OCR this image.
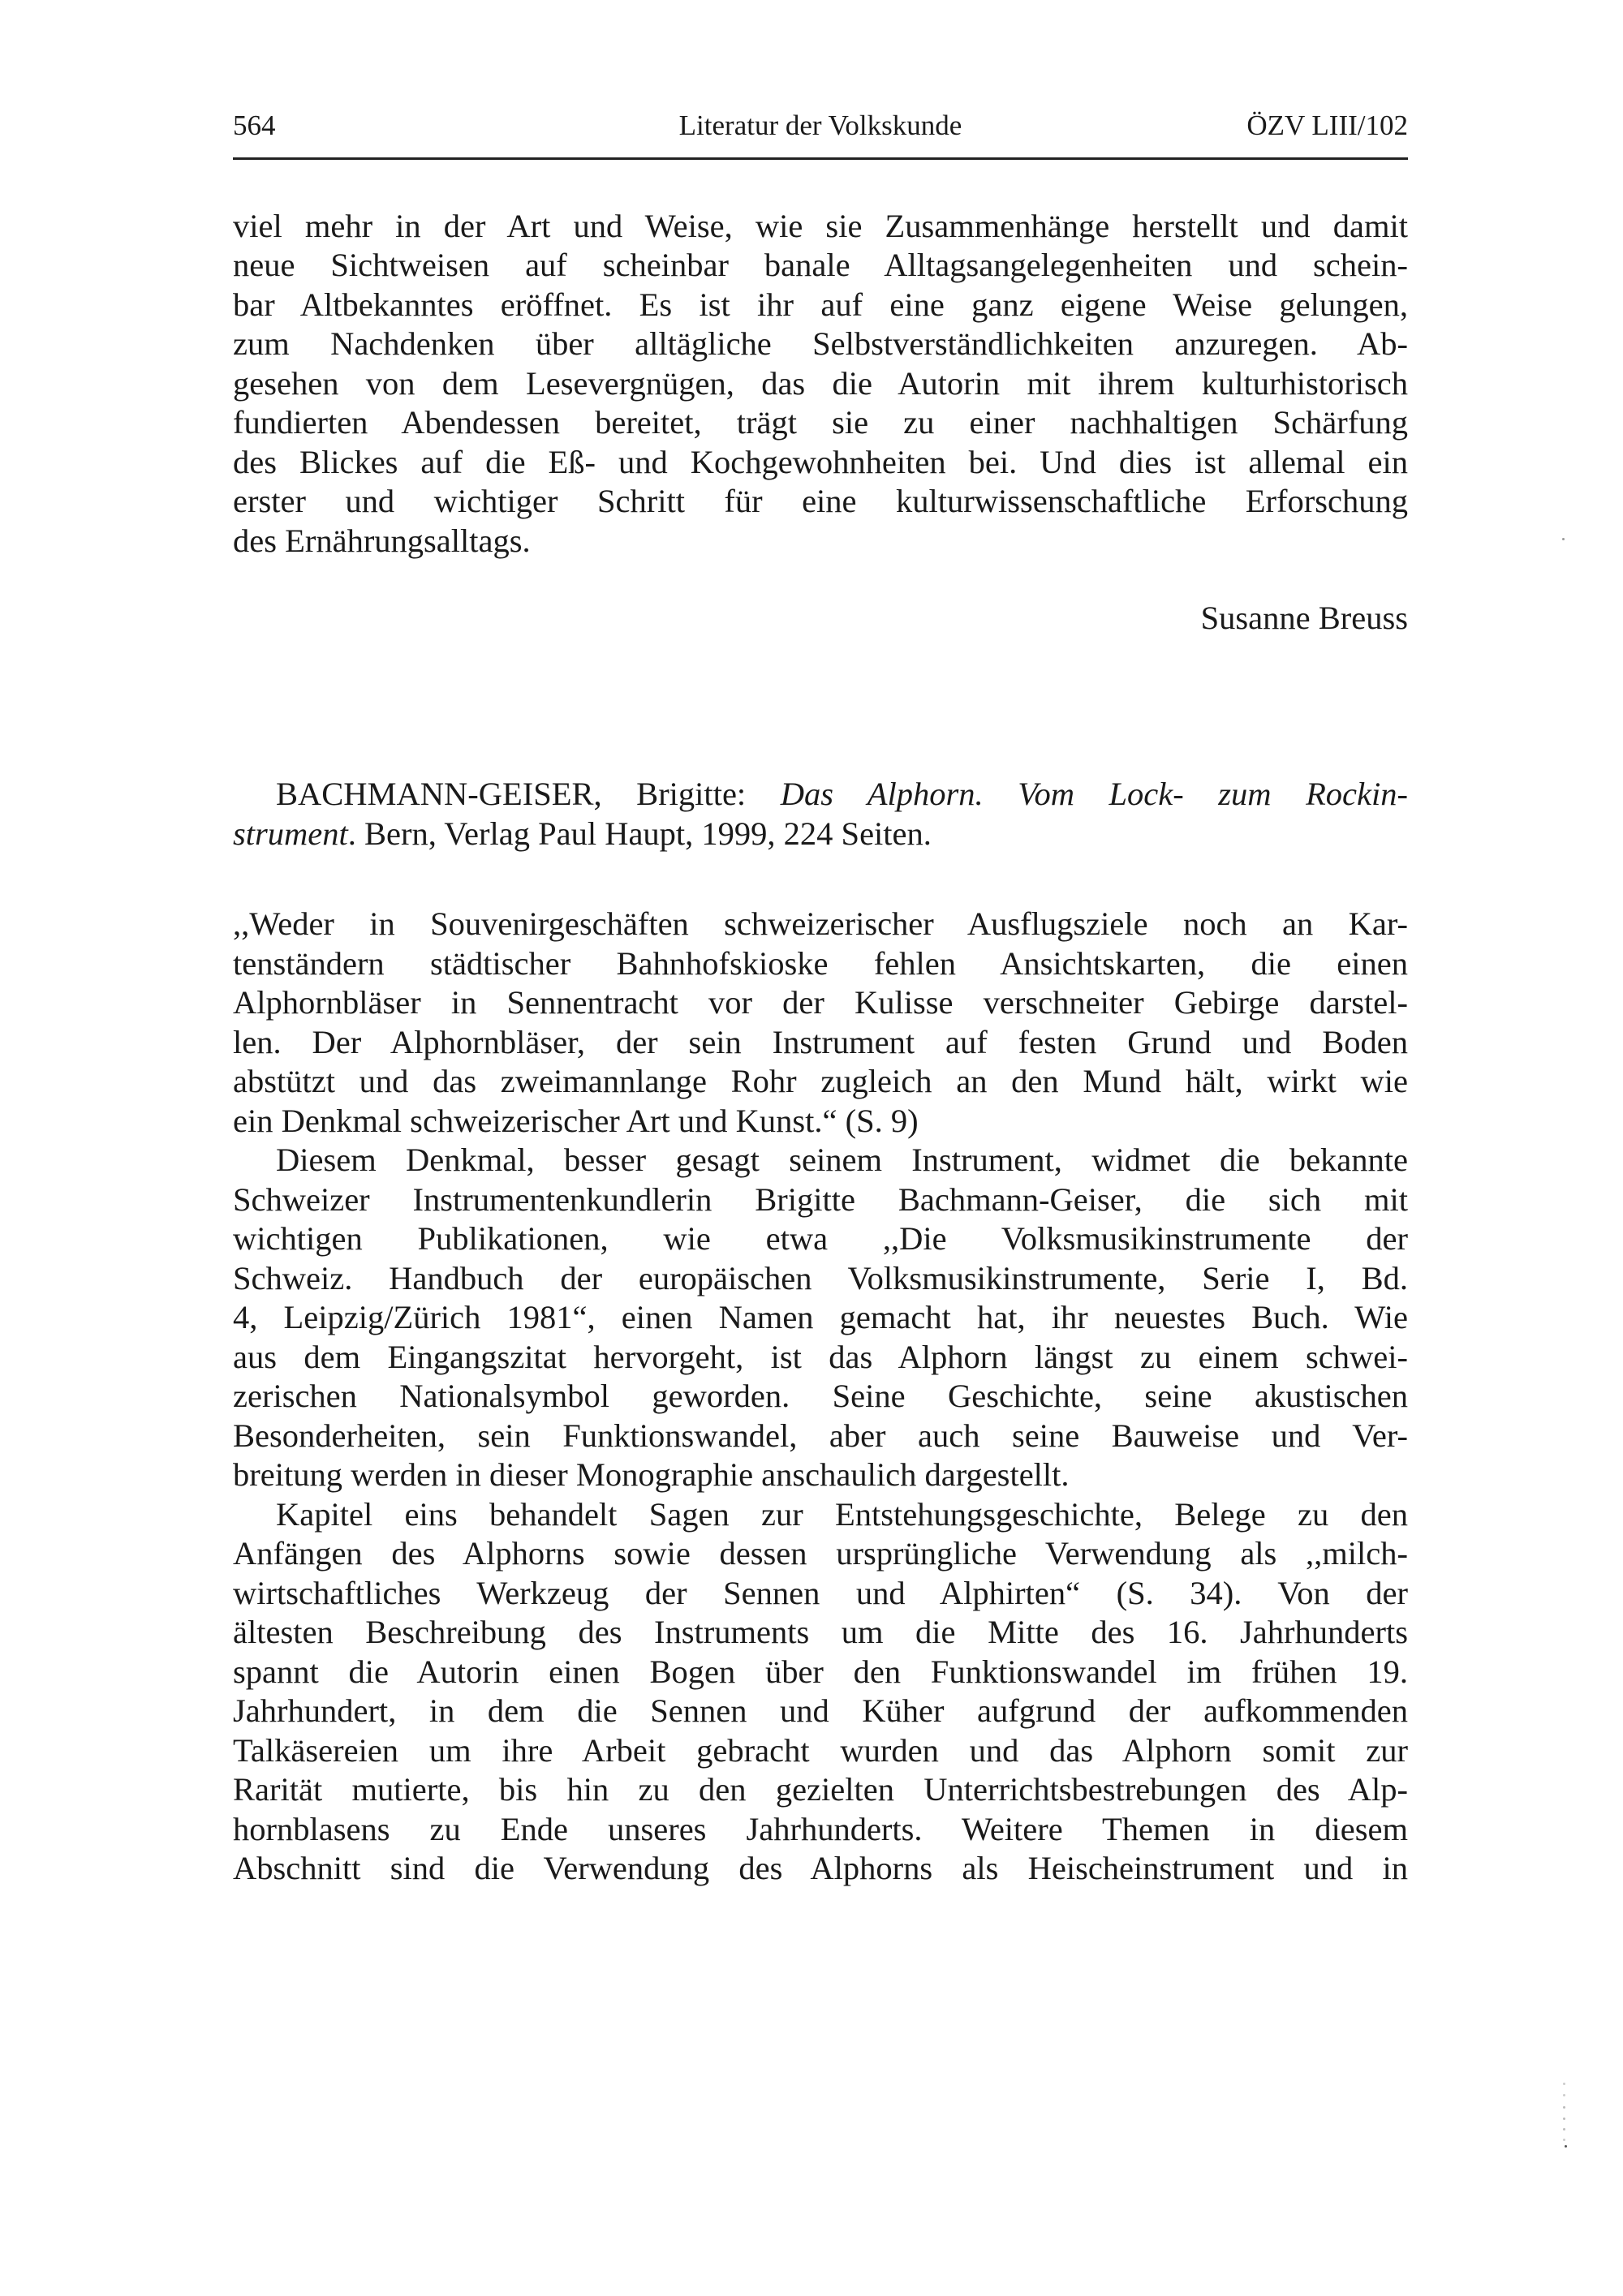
564	Literatur der Volkskunde	ÖZV LIII/102
viel mehr in der Art und Weise, wie sie Zusammenhänge herstellt und damit
neue Sichtweisen auf scheinbar banale Alltagsangelegenheiten und schein-
bar Altbekanntes eröffnet. Es ist ihr auf eine ganz eigene Weise gelungen,
zum Nachdenken über alltägliche Selbstverständlichkeiten anzuregen. Ab-
gesehen von dem Lesevergnügen, das die Autorin mit ihrem kulturhistorisch
fundierten Abendessen bereitet, trägt sie zu einer nachhaltigen Schärfung
des Blickes auf die Eß- und Kochgewohnheiten bei. Und dies ist allemal ein
erster und wichtiger Schritt für eine kulturwissenschaftliche Erforschung
des Ernährungsalltags.
Susanne Breuss
BACHMANN-GEISER, Brigitte: Das Alphorn. Vom Lock- zum Rockin-
strument. Bern, Verlag Paul Haupt, 1999, 224 Seiten.
,,Weder in Souvenirgeschäften schweizerischer Ausflugsziele noch an Kar-
tenständern städtischer Bahnhofskioske fehlen Ansichtskarten, die einen
Alphornbläser in Sennentracht vor der Kulisse verschneiter Gebirge darstel-
len. Der Alphornbläser, der sein Instrument auf festen Grund und Boden
abstützt und das zweimannlange Rohr zugleich an den Mund hält, wirkt wie
ein Denkmal schweizerischer Art und Kunst.“ (S. 9)
Diesem Denkmal, besser gesagt seinem Instrument, widmet die bekannte
Schweizer Instrumentenkundlerin Brigitte Bachmann-Geiser, die sich mit
wichtigen Publikationen, wie etwa ,,Die Volksmusikinstrumente der
Schweiz. Handbuch der europäischen Volksmusikinstrumente, Serie I, Bd.
4, Leipzig/Zürich 1981“, einen Namen gemacht hat, ihr neuestes Buch. Wie
aus dem Eingangszitat hervorgeht, ist das Alphorn längst zu einem schwei-
zerischen Nationalsymbol geworden. Seine Geschichte, seine akustischen
Besonderheiten, sein Funktionswandel, aber auch seine Bauweise und Ver-
breitung werden in dieser Monographie anschaulich dargestellt.
Kapitel eins behandelt Sagen zur Entstehungsgeschichte, Belege zu den
Anfängen des Alphorns sowie dessen ursprüngliche Verwendung als ,,milch-
wirtschaftliches Werkzeug der Sennen und Alphirten“ (S. 34). Von der
ältesten Beschreibung des Instruments um die Mitte des 16. Jahrhunderts
spannt die Autorin einen Bogen über den Funktionswandel im frühen 19.
Jahrhundert, in dem die Sennen und Küher aufgrund der aufkommenden
Talkäsereien um ihre Arbeit gebracht wurden und das Alphorn somit zur
Rarität mutierte, bis hin zu den gezielten Unterrichtsbestrebungen des Alp-
hornblasens zu Ende unseres Jahrhunderts. Weitere Themen in diesem
Abschnitt sind die Verwendung des Alphorns als Heischeinstrument und in
